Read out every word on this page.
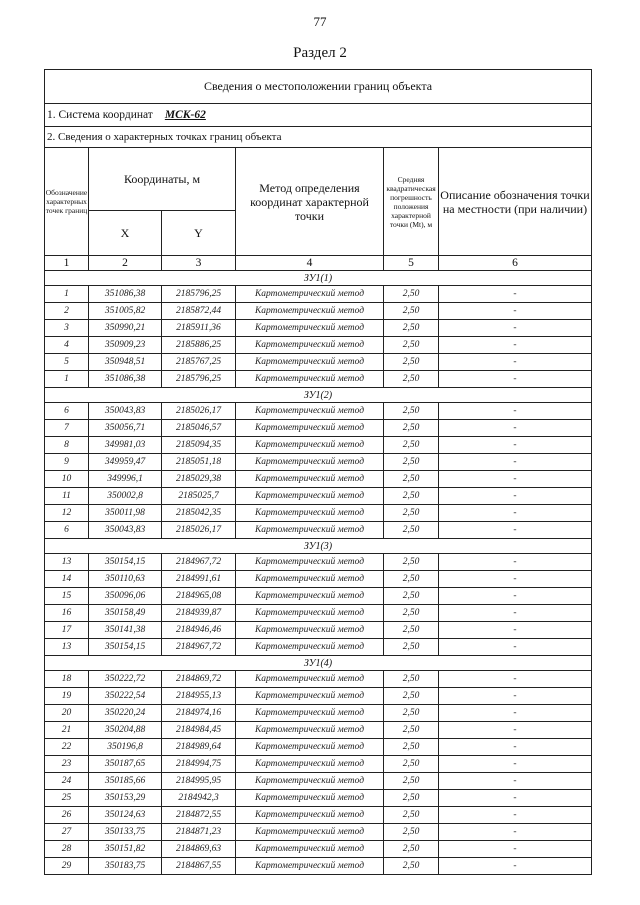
77
Раздел 2
Сведения о местоположении границ объекта					
1. Система координат МСК-62					
2. Сведения о характерных точках границ объекта					
Обозначение характерных точек границ	Координаты, м		Метод определения координат характерной точки	Средняя квадратическая погрешность положения характерной точки (Mt), м	Описание обозначения точки на местности (при наличии)
	X	Y			
1	2	3	4	5	6
ЗУ1(1)					
1	351086,38	2185796,25	Картометрический метод	2,50	-
2	351005,82	2185872,44	Картометрический метод	2,50	-
3	350990,21	2185911,36	Картометрический метод	2,50	-
4	350909,23	2185886,25	Картометрический метод	2,50	-
5	350948,51	2185767,25	Картометрический метод	2,50	-
1	351086,38	2185796,25	Картометрический метод	2,50	-
ЗУ1(2)					
6	350043,83	2185026,17	Картометрический метод	2,50	-
7	350056,71	2185046,57	Картометрический метод	2,50	-
8	349981,03	2185094,35	Картометрический метод	2,50	-
9	349959,47	2185051,18	Картометрический метод	2,50	-
10	349996,1	2185029,38	Картометрический метод	2,50	-
11	350002,8	2185025,7	Картометрический метод	2,50	-
12	350011,98	2185042,35	Картометрический метод	2,50	-
6	350043,83	2185026,17	Картометрический метод	2,50	-
ЗУ1(3)					
13	350154,15	2184967,72	Картометрический метод	2,50	-
14	350110,63	2184991,61	Картометрический метод	2,50	-
15	350096,06	2184965,08	Картометрический метод	2,50	-
16	350158,49	2184939,87	Картометрический метод	2,50	-
17	350141,38	2184946,46	Картометрический метод	2,50	-
13	350154,15	2184967,72	Картометрический метод	2,50	-
ЗУ1(4)					
18	350222,72	2184869,72	Картометрический метод	2,50	-
19	350222,54	2184955,13	Картометрический метод	2,50	-
20	350220,24	2184974,16	Картометрический метод	2,50	-
21	350204,88	2184984,45	Картометрический метод	2,50	-
22	350196,8	2184989,64	Картометрический метод	2,50	-
23	350187,65	2184994,75	Картометрический метод	2,50	-
24	350185,66	2184995,95	Картометрический метод	2,50	-
25	350153,29	2184942,3	Картометрический метод	2,50	-
26	350124,63	2184872,55	Картометрический метод	2,50	-
27	350133,75	2184871,23	Картометрический метод	2,50	-
28	350151,82	2184869,63	Картометрический метод	2,50	-
29	350183,75	2184867,55	Картометрический метод	2,50	-
